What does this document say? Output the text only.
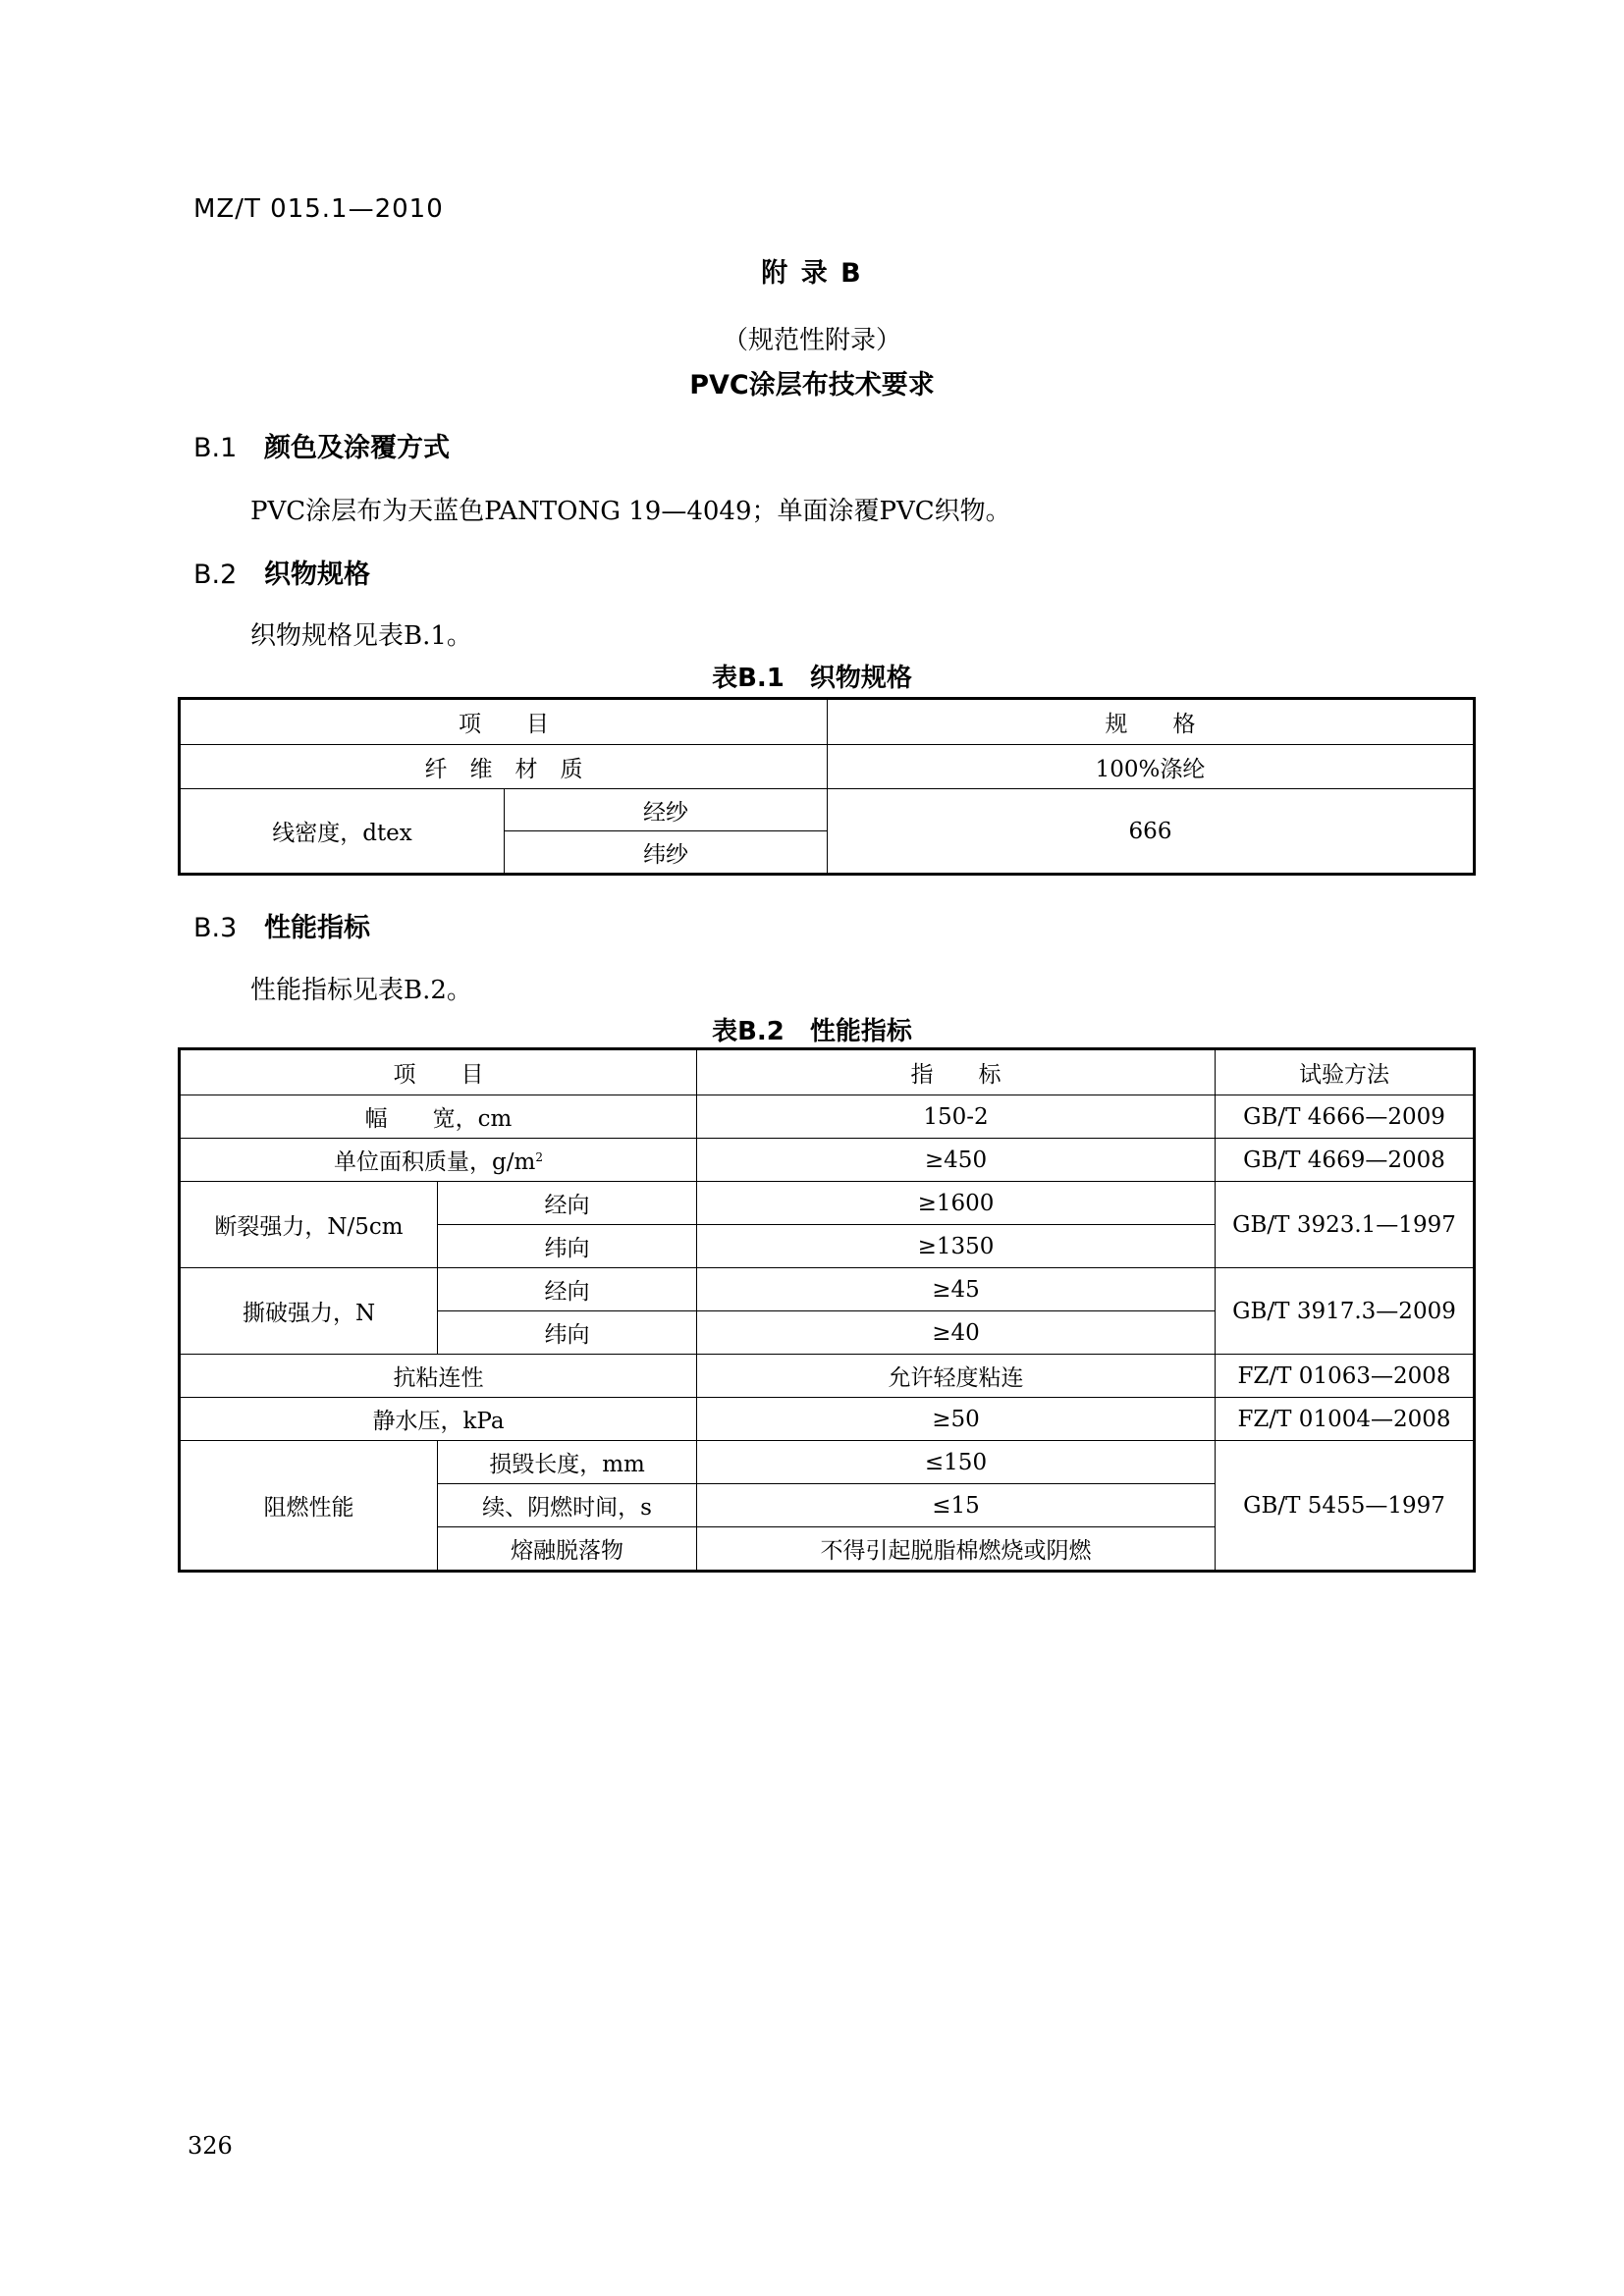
MZ/T 015.1—2010
附 录 B
（规范性附录）
PVC涂层布技术要求
B.1 颜色及涂覆方式
PVC涂层布为天蓝色PANTONG 19—4049；单面涂覆PVC织物。
B.2 织物规格
织物规格见表B.1。
表B.1　织物规格
项　　目		规　　格
纤　维　材　质		100%涤纶
线密度，dtex	经纱	666
	纬纱	
B.3 性能指标
性能指标见表B.2。
表B.2　性能指标
项　　目		指　　标	试验方法
幅　　宽，cm		150-2	GB/T 4666—2009
单位面积质量，$g/m^2$		≥450	GB/T 4669—2008
断裂强力，N/5cm	经向	≥1600	GB/T 3923.1—1997
	纬向	≥1350	
撕破强力，N	经向	≥45	GB/T 3917.3—2009
	纬向	≥40	
抗粘连性		允许轻度粘连	FZ/T 01063—2008
静水压，kPa		≥50	FZ/T 01004—2008
阻燃性能	损毁长度，mm	≤150	GB/T 5455—1997
	续、阴燃时间，s	≤15	
	熔融脱落物	不得引起脱脂棉燃烧或阴燃	
326
